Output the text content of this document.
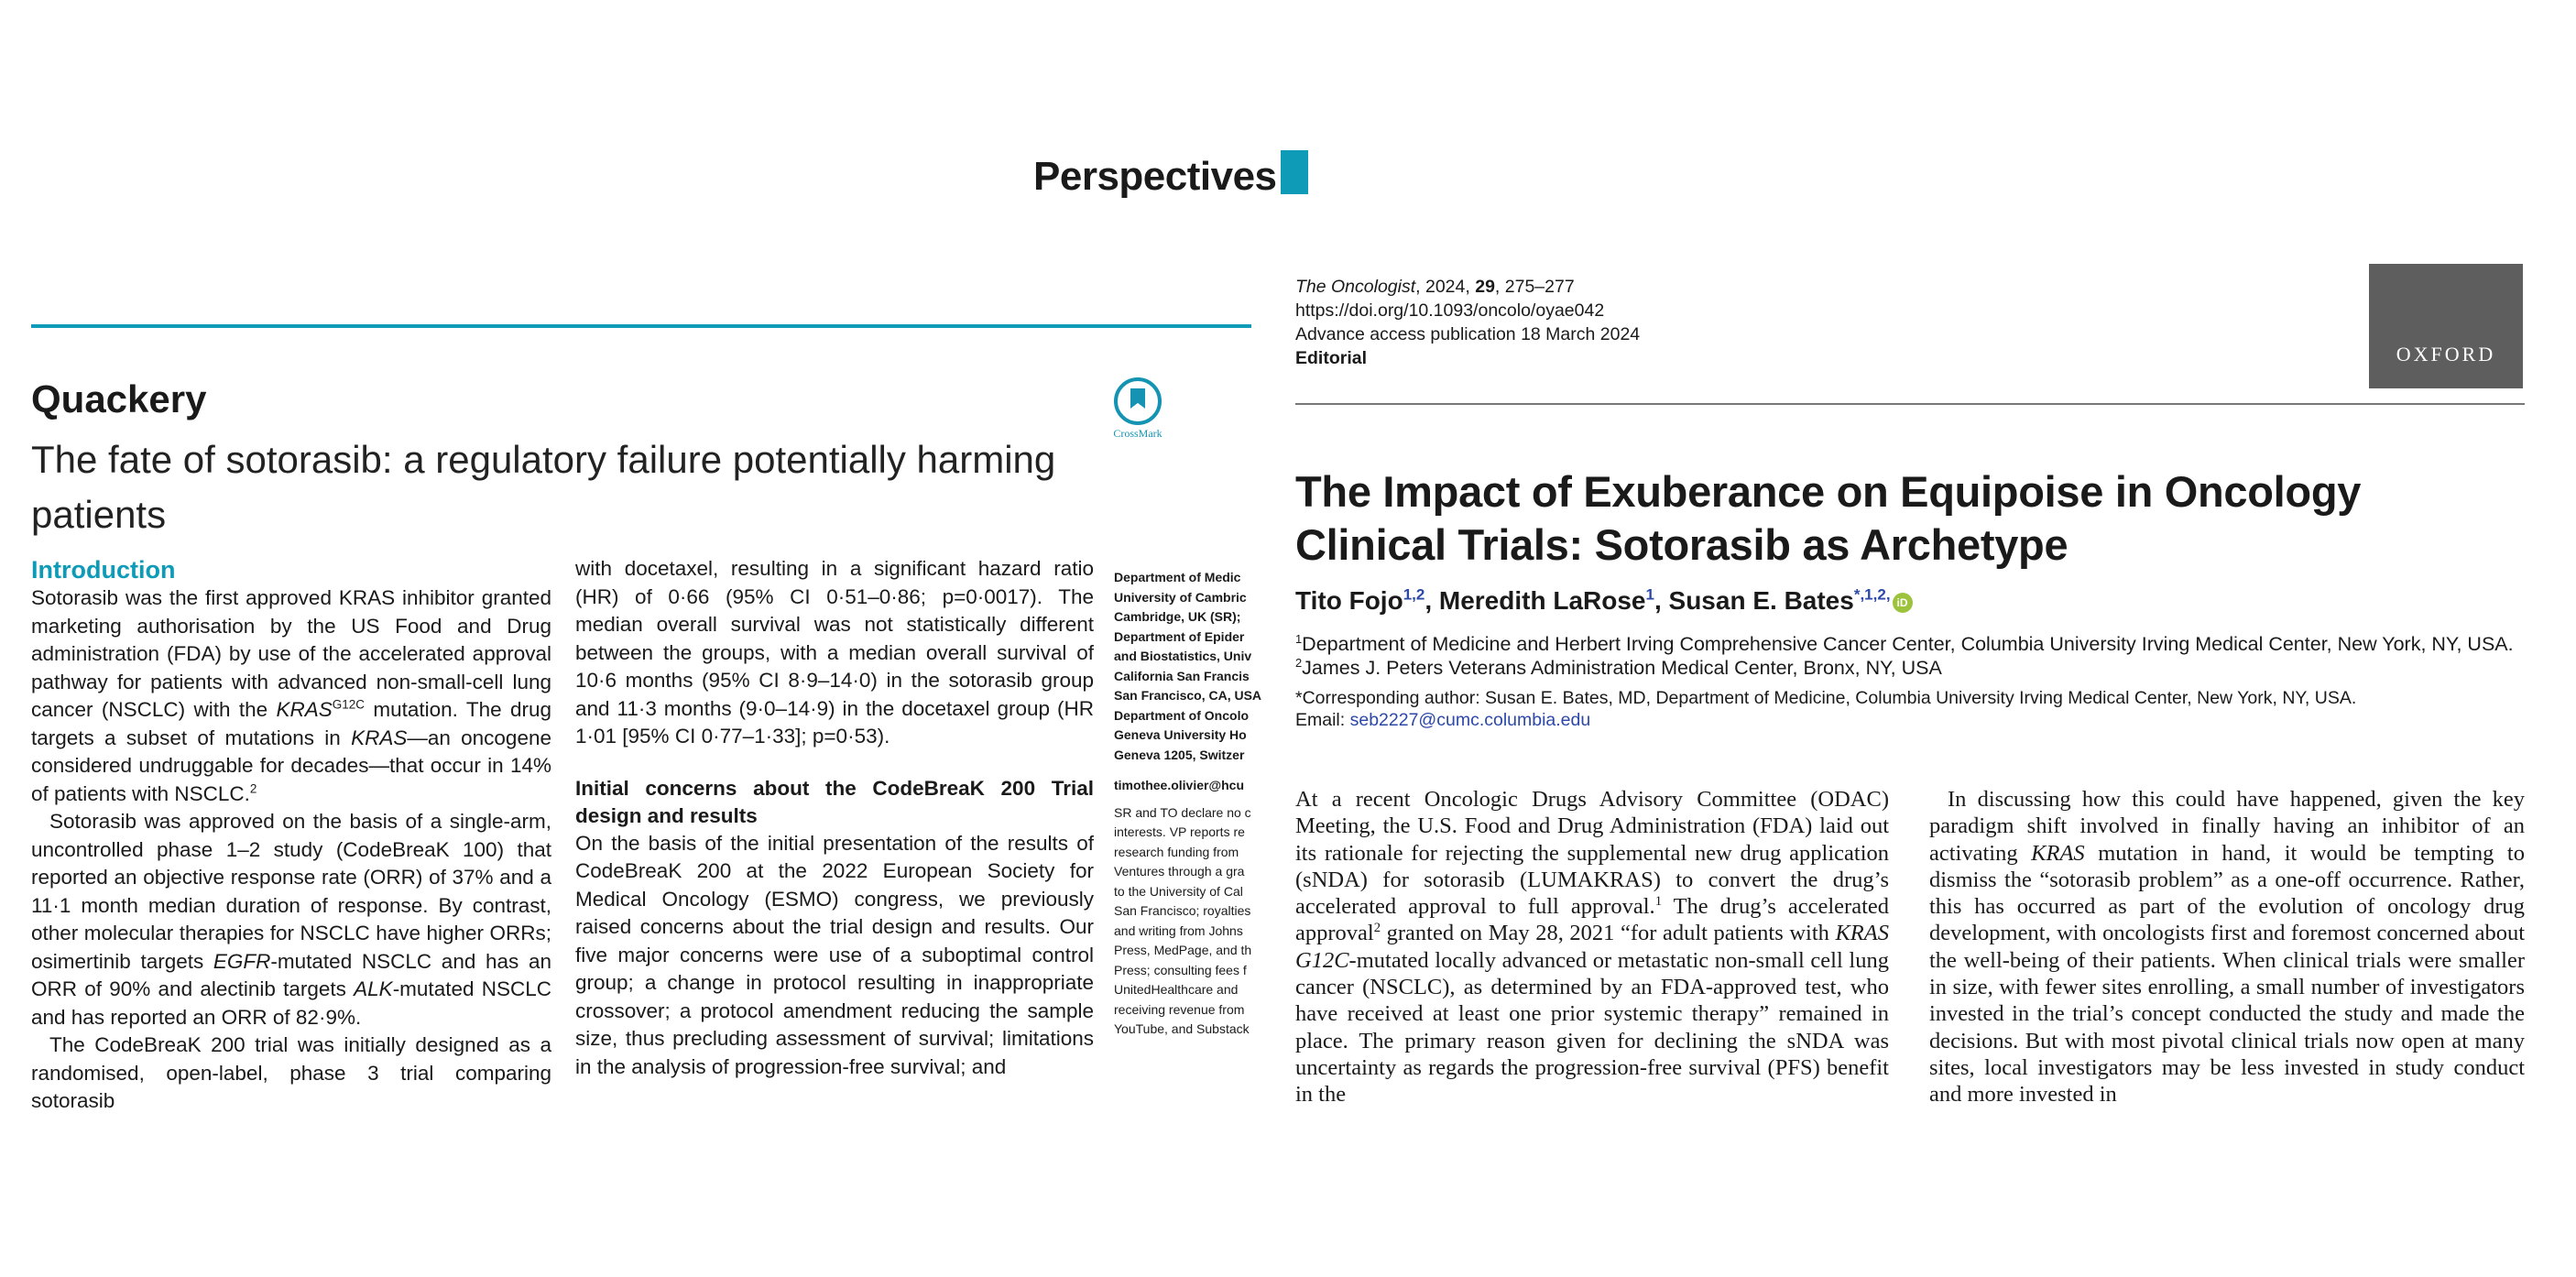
Perspectives
CrossMark
Quackery
The fate of sotorasib: a regulatory failure potentially harming patients
Introduction

Sotorasib was the first approved KRAS inhibitor granted marketing authorisation by the US Food and Drug administration (FDA) by use of the accelerated approval pathway for patients with advanced non-small-cell lung cancer (NSCLC) with the $KRAS^{G12C}$ mutation. The drug targets a subset of mutations in KRAS—an oncogene considered undruggable for decades—that occur in 14% of patients with NSCLC.$^2$

Sotorasib was approved on the basis of a single-arm, uncontrolled phase 1–2 study (CodeBreaK 100) that reported an objective response rate (ORR) of 37% and a 11·1 month median duration of response. By contrast, other molecular therapies for NSCLC have higher ORRs; osimertinib targets EGFR-mutated NSCLC and has an ORR of 90% and alectinib targets ALK-mutated NSCLC and has reported an ORR of 82·9%.

The CodeBreaK 200 trial was initially designed as a randomised, open-label, phase 3 trial comparing sotorasib

with docetaxel, resulting in a significant hazard ratio (HR) of 0·66 (95% CI 0·51–0·86; p=0·0017). The median overall survival was not statistically different between the groups, with a median overall survival of 10·6 months (95% CI 8·9–14·0) in the sotorasib group and 11·3 months (9·0–14·9) in the docetaxel group (HR 1·01 [95% CI 0·77–1·33]; p=0·53).

Initial concerns about the CodeBreaK 200 Trial design and results

On the basis of the initial presentation of the results of CodeBreaK 200 at the 2022 European Society for Medical Oncology (ESMO) congress, we previously raised concerns about the trial design and results. Our five major concerns were use of a suboptimal control group; a change in protocol resulting in inappropriate crossover; a protocol amendment reducing the sample size, thus precluding assessment of survival; limitations in the analysis of progression-free survival; and

Department of Medic
University of Cambric
Cambridge, UK (SR);
Department of Epider
and Biostatistics, Univ
California San Francis
San Francisco, CA, USA
Department of Oncolo
Geneva University Ho
Geneva 1205, Switzer
timothee.olivier@hcu
SR and TO declare no c
interests. VP reports re
research funding from
Ventures through a gra
to the University of Cal
San Francisco; royalties
and writing from Johns
Press, MedPage, and th
Press; consulting fees f
UnitedHealthcare and
receiving revenue from
YouTube, and Substack
The Oncologist, 2024, 29, 275–277
https://doi.org/10.1093/oncolo/oyae042
Advance access publication 18 March 2024
Editorial	OXFORD
The Impact of Exuberance on Equipoise in Oncology Clinical Trials: Sotorasib as Archetype
Tito Fojo$^{1,2}$, Meredith LaRose$^1$, Susan E. Bates$^{*,1,2,}$ iD
$^1$Department of Medicine and Herbert Irving Comprehensive Cancer Center, Columbia University Irving Medical Center, New York, NY, USA.
$^2$James J. Peters Veterans Administration Medical Center, Bronx, NY, USA
*Corresponding author: Susan E. Bates, MD, Department of Medicine, Columbia University Irving Medical Center, New York, NY, USA.
Email: seb2227@cumc.columbia.edu

At a recent Oncologic Drugs Advisory Committee (ODAC) Meeting, the U.S. Food and Drug Administration (FDA) laid out its rationale for rejecting the supplemental new drug application (sNDA) for sotorasib (LUMAKRAS) to convert the drug’s accelerated approval to full approval.$^1$ The drug’s accelerated approval$^2$ granted on May 28, 2021 “for adult patients with KRAS G12C-mutated locally advanced or metastatic non-small cell lung cancer (NSCLC), as determined by an FDA-approved test, who have received at least one prior systemic therapy” remained in place. The primary reason given for declining the sNDA was uncertainty as regards the progression-free survival (PFS) benefit in the

In discussing how this could have happened, given the key paradigm shift involved in finally having an inhibitor of an activating KRAS mutation in hand, it would be tempting to dismiss the “sotorasib problem” as a one-off occurrence. Rather, this has occurred as part of the evolution of oncology drug development, with oncologists first and foremost concerned about the well-being of their patients. When clinical trials were smaller in size, with fewer sites enrolling, a small number of investigators invested in the trial’s concept conducted the study and made the decisions. But with most pivotal clinical trials now open at many sites, local investigators may be less invested in study conduct and more invested in
